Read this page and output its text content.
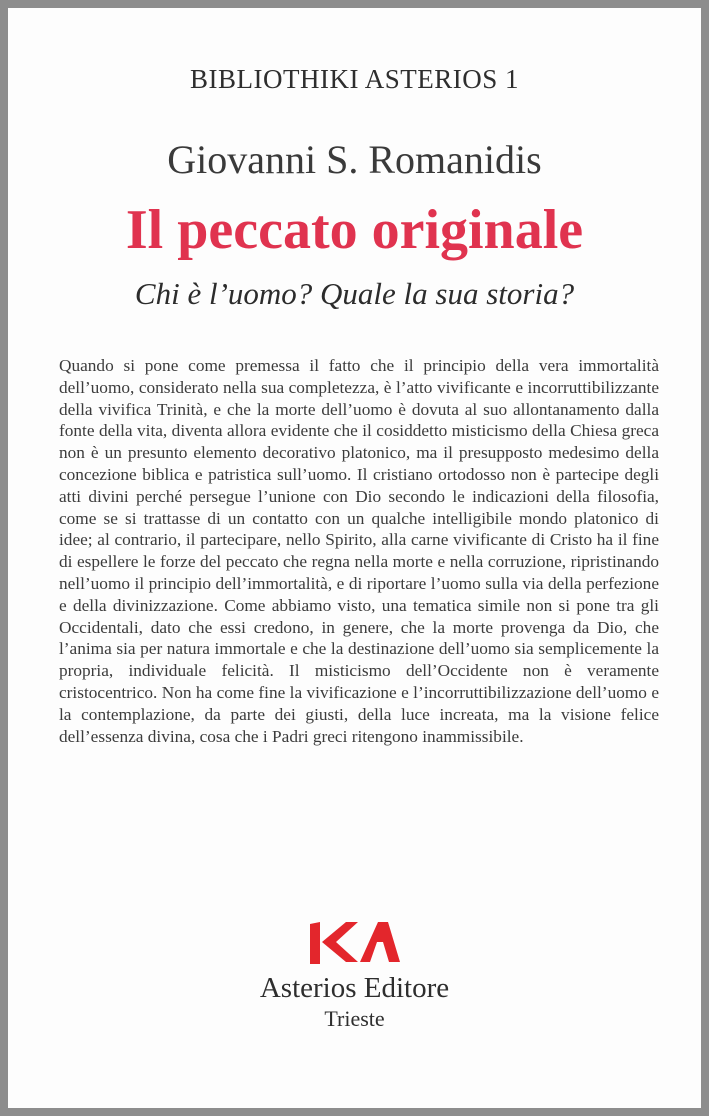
BIBLIOTHIKI ASTERIOS 1
Giovanni S. Romanidis
Il peccato originale
Chi è l’uomo? Quale la sua storia?

Quando si pone come premessa il fatto che il principio della vera immortalità dell’uomo, considerato nella sua completezza, è l’atto vivificante e incorruttibilizzante della vivifica Trinità, e che la morte dell’uomo è dovuta al suo allontanamento dalla fonte della vita, diventa allora evidente che il cosiddetto misticismo della Chiesa greca non è un presunto elemento decorativo platonico, ma il presupposto medesimo della concezione biblica e patristica sull’uomo. Il cristiano ortodosso non è partecipe degli atti divini perché persegue l’unione con Dio secondo le indicazioni della filosofia, come se si trattasse di un contatto con un qualche intelligibile mondo platonico di idee; al contrario, il partecipare, nello Spirito, alla carne vivificante di Cristo ha il fine di espellere le forze del peccato che regna nella morte e nella corruzione, ripristinando nell’uomo il principio dell’immortalità, e di riportare l’uomo sulla via della perfezione e della divinizzazione. Come abbiamo visto, una tematica simile non si pone tra gli Occidentali, dato che essi credono, in genere, che la morte provenga da Dio, che l’anima sia per natura immortale e che la destinazione dell’uomo sia semplicemente la propria, individuale felicità. Il misticismo dell’Occidente non è veramente cristocentrico. Non ha come fine la vivificazione e l’incorruttibilizzazione dell’uomo e la contemplazione, da parte dei giusti, della luce increata, ma la visione felice dell’essenza divina, cosa che i Padri greci ritengono inammissibile.

Asterios Editore
Trieste
